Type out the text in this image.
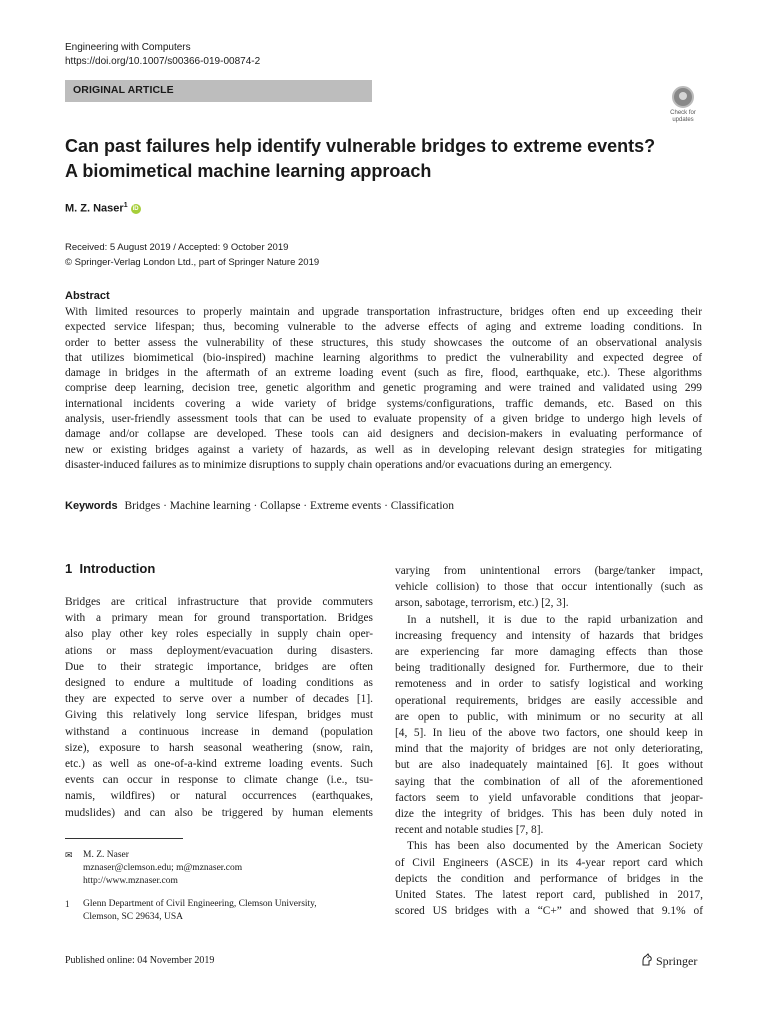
Engineering with Computers
https://doi.org/10.1007/s00366-019-00874-2
ORIGINAL ARTICLE
Check for
updates
Can past failures help identify vulnerable bridges to extreme events?
A biomimetical machine learning approach
M. Z. Naser$^1$ iD
Received: 5 August 2019 / Accepted: 9 October 2019
© Springer-Verlag London Ltd., part of Springer Nature 2019
Abstract
With limited resources to properly maintain and upgrade transportation infrastructure, bridges often end up exceeding their
expected service lifespan; thus, becoming vulnerable to the adverse effects of aging and extreme loading conditions. In
order to better assess the vulnerability of these structures, this study showcases the outcome of an observational analysis
that utilizes biomimetical (bio-inspired) machine learning algorithms to predict the vulnerability and expected degree of
damage in bridges in the aftermath of an extreme loading event (such as fire, flood, earthquake, etc.). These algorithms
comprise deep learning, decision tree, genetic algorithm and genetic programing and were trained and validated using 299
international incidents covering a wide variety of bridge systems/configurations, traffic demands, etc. Based on this
analysis, user-friendly assessment tools that can be used to evaluate propensity of a given bridge to undergo high levels of
damage and/or collapse are developed. These tools can aid designers and decision-makers in evaluating performance of
new or existing bridges against a variety of hazards, as well as in developing relevant design strategies for mitigating
disaster-induced failures as to minimize disruptions to supply chain operations and/or evacuations during an emergency.
Keywords Bridges · Machine learning · Collapse · Extreme events · Classification
1 Introduction
Bridges are critical infrastructure that provide commuters
with a primary mean for ground transportation. Bridges
also play other key roles especially in supply chain oper-
ations or mass deployment/evacuation during disasters.
Due to their strategic importance, bridges are often
designed to endure a multitude of loading conditions as
they are expected to serve over a number of decades [1].
Giving this relatively long service lifespan, bridges must
withstand a continuous increase in demand (population
size), exposure to harsh seasonal weathering (snow, rain,
etc.) as well as one-of-a-kind extreme loading events. Such
events can occur in response to climate change (i.e., tsu-
namis, wildfires) or natural occurrences (earthquakes,
mudslides) and can also be triggered by human elements
varying from unintentional errors (barge/tanker impact,
vehicle collision) to those that occur intentionally (such as
arson, sabotage, terrorism, etc.) [2, 3].
In a nutshell, it is due to the rapid urbanization and
increasing frequency and intensity of hazards that bridges
are experiencing far more damaging effects than those
being traditionally designed for. Furthermore, due to their
remoteness and in order to satisfy logistical and working
operational requirements, bridges are easily accessible and
are open to public, with minimum or no security at all
[4, 5]. In lieu of the above two factors, one should keep in
mind that the majority of bridges are not only deteriorating,
but are also inadequately maintained [6]. It goes without
saying that the combination of all of the aforementioned
factors seem to yield unfavorable conditions that jeopar-
dize the integrity of bridges. This has been duly noted in
recent and notable studies [7, 8].
This has been also documented by the American Society
of Civil Engineers (ASCE) in its 4-year report card which
depicts the condition and performance of bridges in the
United States. The latest report card, published in 2017,
scored US bridges with a “C+” and showed that 9.1% of
✉ M. Z. Naser
mznaser@clemson.edu; m@mznaser.com
http://www.mznaser.com
1 Glenn Department of Civil Engineering, Clemson University,
Clemson, SC 29634, USA
Published online: 04 November 2019	Springer
